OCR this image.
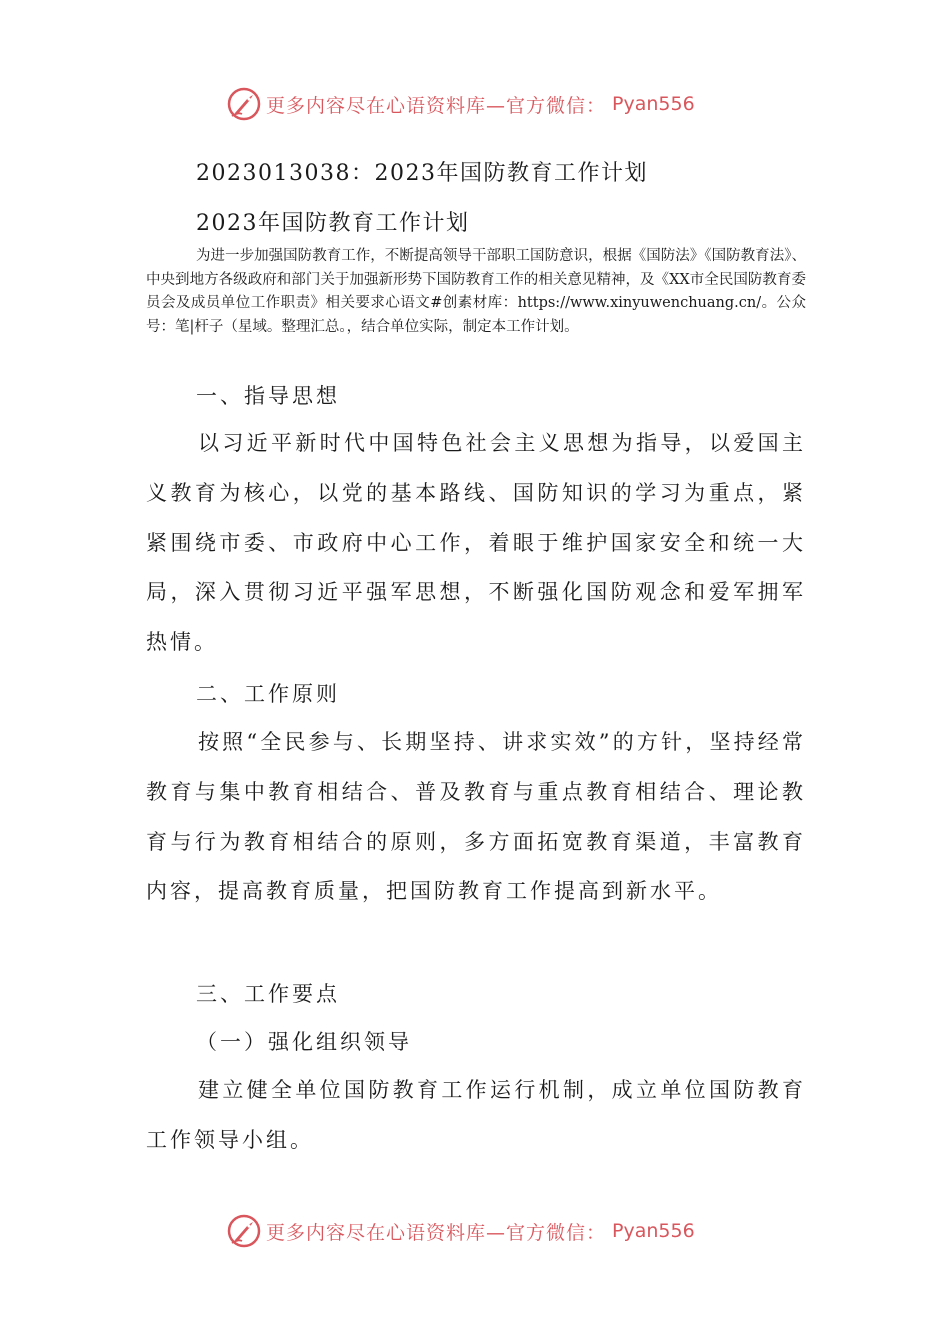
更多内容尽在心语资料库—官方微信： Pyan556
2023013038：2023年国防教育工作计划
2023年国防教育工作计划

为进一步加强国防教育工作，不断提高领导干部职工国防意识，根据《国防法》《国防教育法》、中央到地方各级政府和部门关于加强新形势下国防教育工作的相关意见精神，及《XX市全民国防教育委员会及成员单位工作职责》相关要求心语文#创素材库：https://www.xinyuwenchuang.cn/。公众号：笔|杆子（星域。整理汇总。，结合单位实际，制定本工作计划。

一、指导思想

以习近平新时代中国特色社会主义思想为指导，以爱国主义教育为核心，以党的基本路线、国防知识的学习为重点，紧紧围绕市委、市政府中心工作，着眼于维护国家安全和统一大局，深入贯彻习近平强军思想，不断强化国防观念和爱军拥军热情。

二、工作原则

按照“全民参与、长期坚持、讲求实效”的方针，坚持经常教育与集中教育相结合、普及教育与重点教育相结合、理论教育与行为教育相结合的原则，多方面拓宽教育渠道，丰富教育内容，提高教育质量，把国防教育工作提高到新水平。

三、工作要点
（一）强化组织领导

建立健全单位国防教育工作运行机制，成立单位国防教育工作领导小组。

更多内容尽在心语资料库—官方微信： Pyan556
